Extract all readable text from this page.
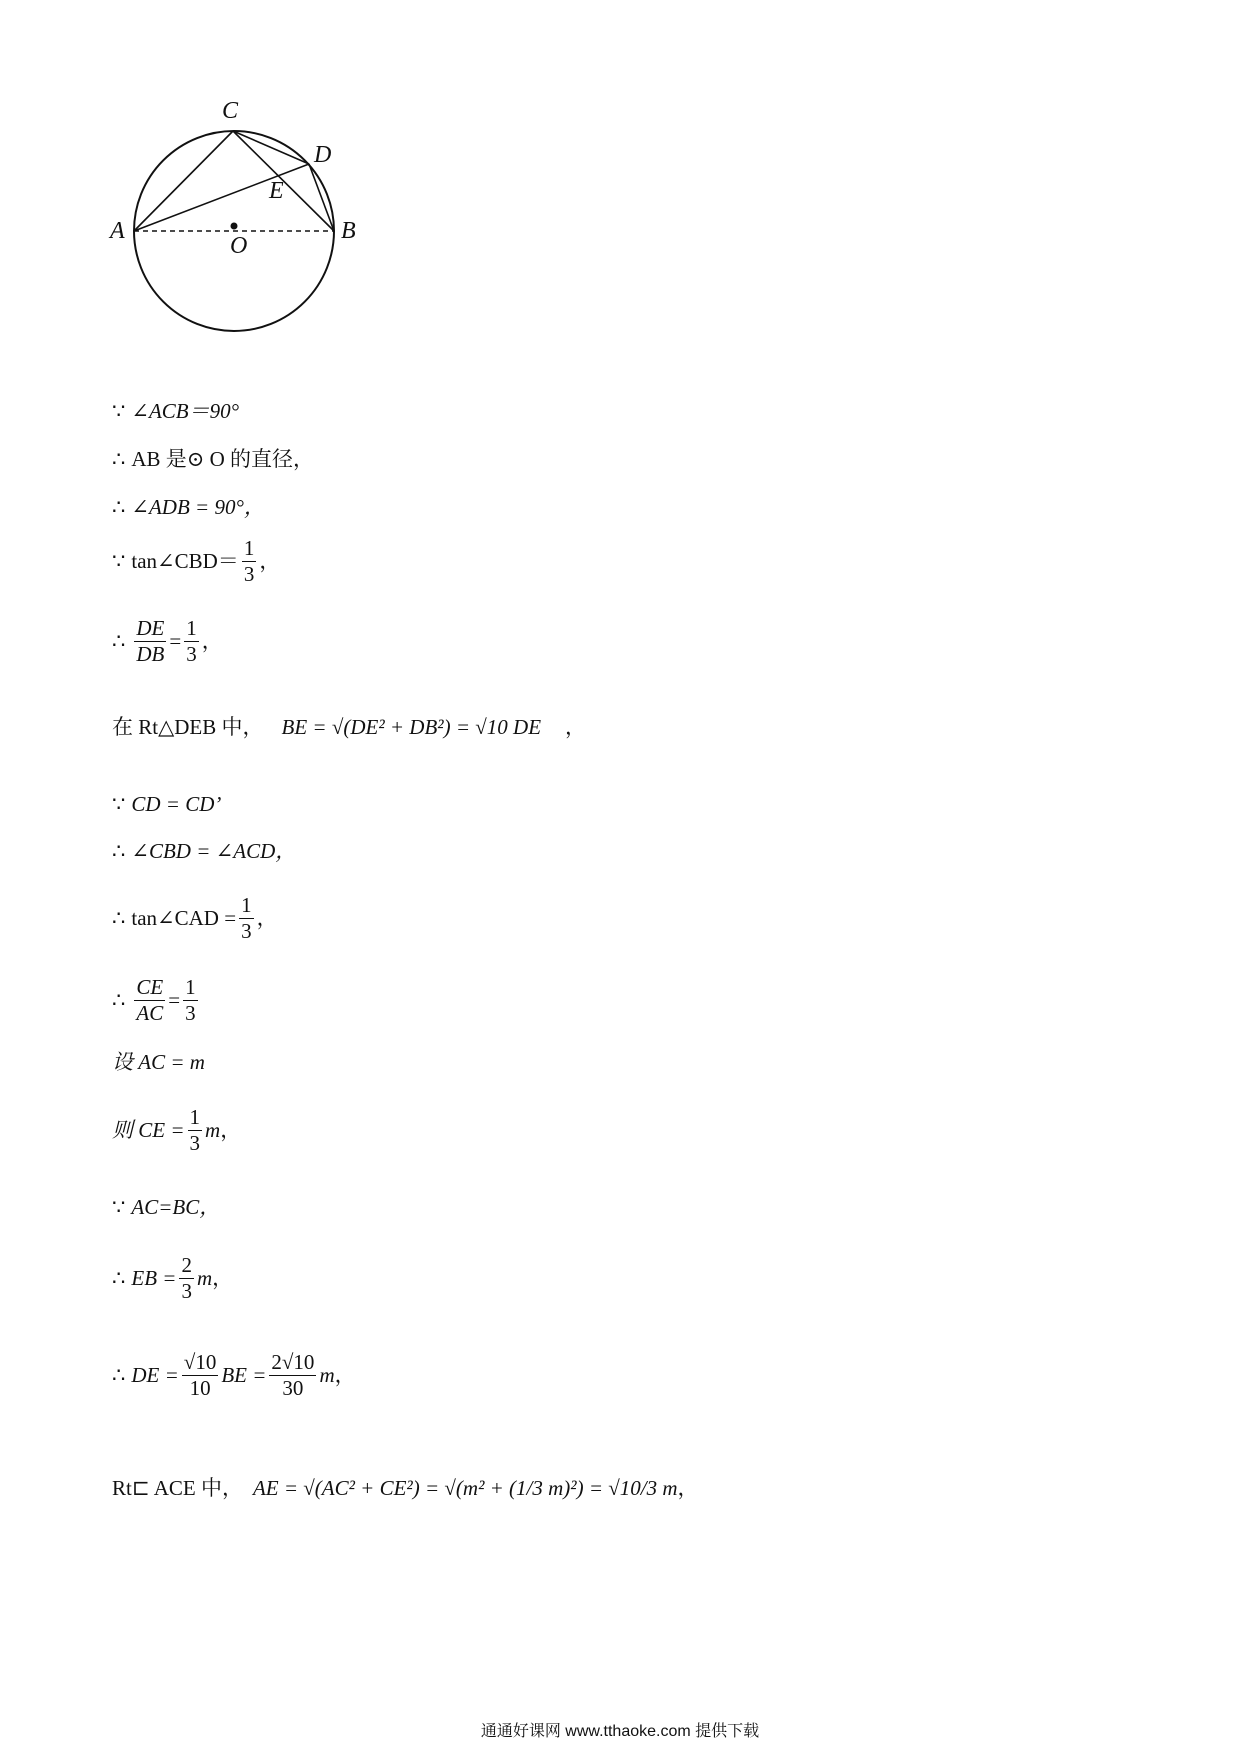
C
D
E
A	B
O
∵ ∠ACB＝90°
∴ AB 是⊙ O 的直径，
∴ ∠ADB = 90°，
∵ tan∠CBD＝ $\frac{1}{3}$ ，
∴ $\frac{DE}{DB} = \frac{1}{3}$ ，
在 Rt△DEB 中， BE = √(DE² + DB²) = √10 DE ，
∵ CD = CD’
∴ ∠CBD = ∠ACD，
∴ tan∠CAD = $\frac{1}{3}$ ，
∴ $\frac{CE}{AC} = \frac{1}{3}$
设 AC = m
则 CE = $\frac{1}{3}$ m ，
∵ AC=BC，
∴ EB = $\frac{2}{3}$ m ，
∴ DE = $\frac{√10}{10}$ BE = $\frac{2√10}{30}$ m ，
Rt⊏ ACE 中， AE = √(AC² + CE²) = √(m² + (1/3 m)²) = √10/3 m ，
通通好课网 www.tthaoke.com 提供下载
